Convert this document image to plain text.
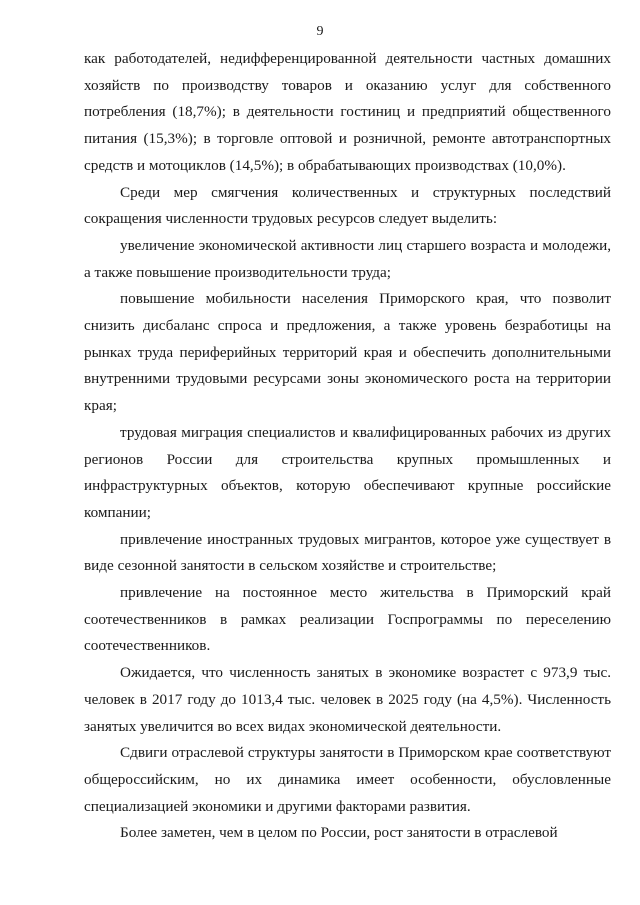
9

как работодателей, недифференцированной деятельности частных домашних хозяйств по производству товаров и оказанию услуг для собственного потребления (18,7%); в деятельности гостиниц и предприятий общественного питания (15,3%); в торговле оптовой и розничной, ремонте автотранспортных средств и мотоциклов (14,5%); в обрабатывающих производствах (10,0%).

Среди мер смягчения количественных и структурных последствий сокращения численности трудовых ресурсов следует выделить:

увеличение экономической активности лиц старшего возраста и молодежи, а также повышение производительности труда;

повышение мобильности населения Приморского края, что позволит снизить дисбаланс спроса и предложения, а также уровень безработицы на рынках труда периферийных территорий края и обеспечить дополнительными внутренними трудовыми ресурсами зоны экономического роста на территории края;

трудовая миграция специалистов и квалифицированных рабочих из других регионов России для строительства крупных промышленных и инфраструктурных объектов, которую обеспечивают крупные российские компании;

привлечение иностранных трудовых мигрантов, которое уже существует в виде сезонной занятости в сельском хозяйстве и строительстве;

привлечение на постоянное место жительства в Приморский край соотечественников в рамках реализации Госпрограммы по переселению соотечественников.

Ожидается, что численность занятых в экономике возрастет с 973,9 тыс. человек в 2017 году до 1013,4 тыс. человек в 2025 году (на 4,5%). Численность занятых увеличится во всех видах экономической деятельности.

Сдвиги отраслевой структуры занятости в Приморском крае соответствуют общероссийским, но их динамика имеет особенности, обусловленные специализацией экономики и другими факторами развития.

Более заметен, чем в целом по России, рост занятости в отраслевой
